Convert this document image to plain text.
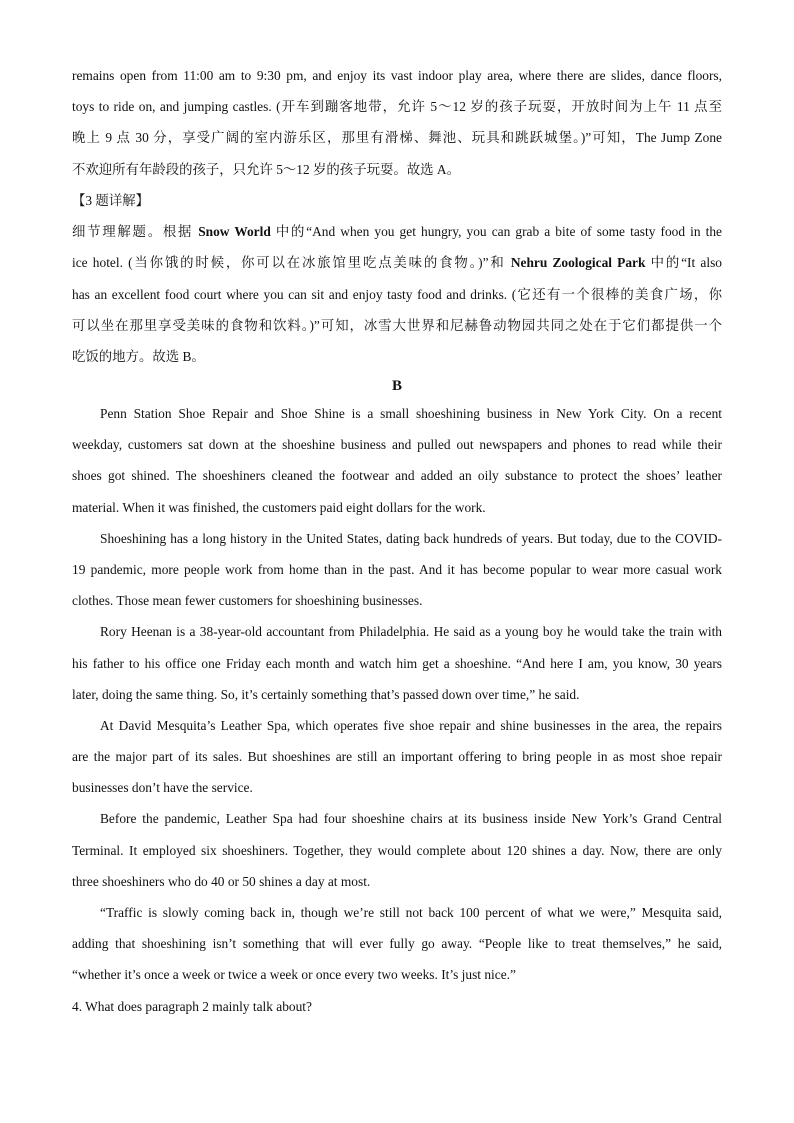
remains open from 11:00 am to 9:30 pm, and enjoy its vast indoor play area, where there are slides, dance floors,
toys to ride on, and jumping castles. (开车到蹦客地带，允许 5～12 岁的孩子玩耍，开放时间为上午 11 点至
晚上 9 点 30 分，享受广阔的室内游乐区，那里有滑梯、舞池、玩具和跳跃城堡。)”可知，The Jump Zone
不欢迎所有年龄段的孩子，只允许 5～12 岁的孩子玩耍。故选 A。
【3 题详解】
细节理解题。根据 Snow World 中的“And when you get hungry, you can grab a bite of some tasty food in the
ice hotel. (当你饿的时候，你可以在冰旅馆里吃点美味的食物。)”和 Nehru Zoological Park 中的“It also
has an excellent food court where you can sit and enjoy tasty food and drinks. (它还有一个很棒的美食广场，你
可以坐在那里享受美味的食物和饮料。)”可知，冰雪大世界和尼赫鲁动物园共同之处在于它们都提供一个
吃饭的地方。故选 B。
B
Penn Station Shoe Repair and Shoe Shine is a small shoeshining business in New York City. On a recent
weekday, customers sat down at the shoeshine business and pulled out newspapers and phones to read while their
shoes got shined. The shoeshiners cleaned the footwear and added an oily substance to protect the shoes’ leather
material. When it was finished, the customers paid eight dollars for the work.
Shoeshining has a long history in the United States, dating back hundreds of years. But today, due to the COVID-
19 pandemic, more people work from home than in the past. And it has become popular to wear more casual work
clothes. Those mean fewer customers for shoeshining businesses.
Rory Heenan is a 38-year-old accountant from Philadelphia. He said as a young boy he would take the train with
his father to his office one Friday each month and watch him get a shoeshine. “And here I am, you know, 30 years
later, doing the same thing. So, it’s certainly something that’s passed down over time,” he said.
At David Mesquita’s Leather Spa, which operates five shoe repair and shine businesses in the area, the repairs
are the major part of its sales. But shoeshines are still an important offering to bring people in as most shoe repair
businesses don’t have the service.
Before the pandemic, Leather Spa had four shoeshine chairs at its business inside New York’s Grand Central
Terminal. It employed six shoeshiners. Together, they would complete about 120 shines a day. Now, there are only
three shoeshiners who do 40 or 50 shines a day at most.
“Traffic is slowly coming back in, though we’re still not back 100 percent of what we were,” Mesquita said,
adding that shoeshining isn’t something that will ever fully go away. “People like to treat themselves,” he said,
“whether it’s once a week or twice a week or once every two weeks. It’s just nice.”
4. What does paragraph 2 mainly talk about?
